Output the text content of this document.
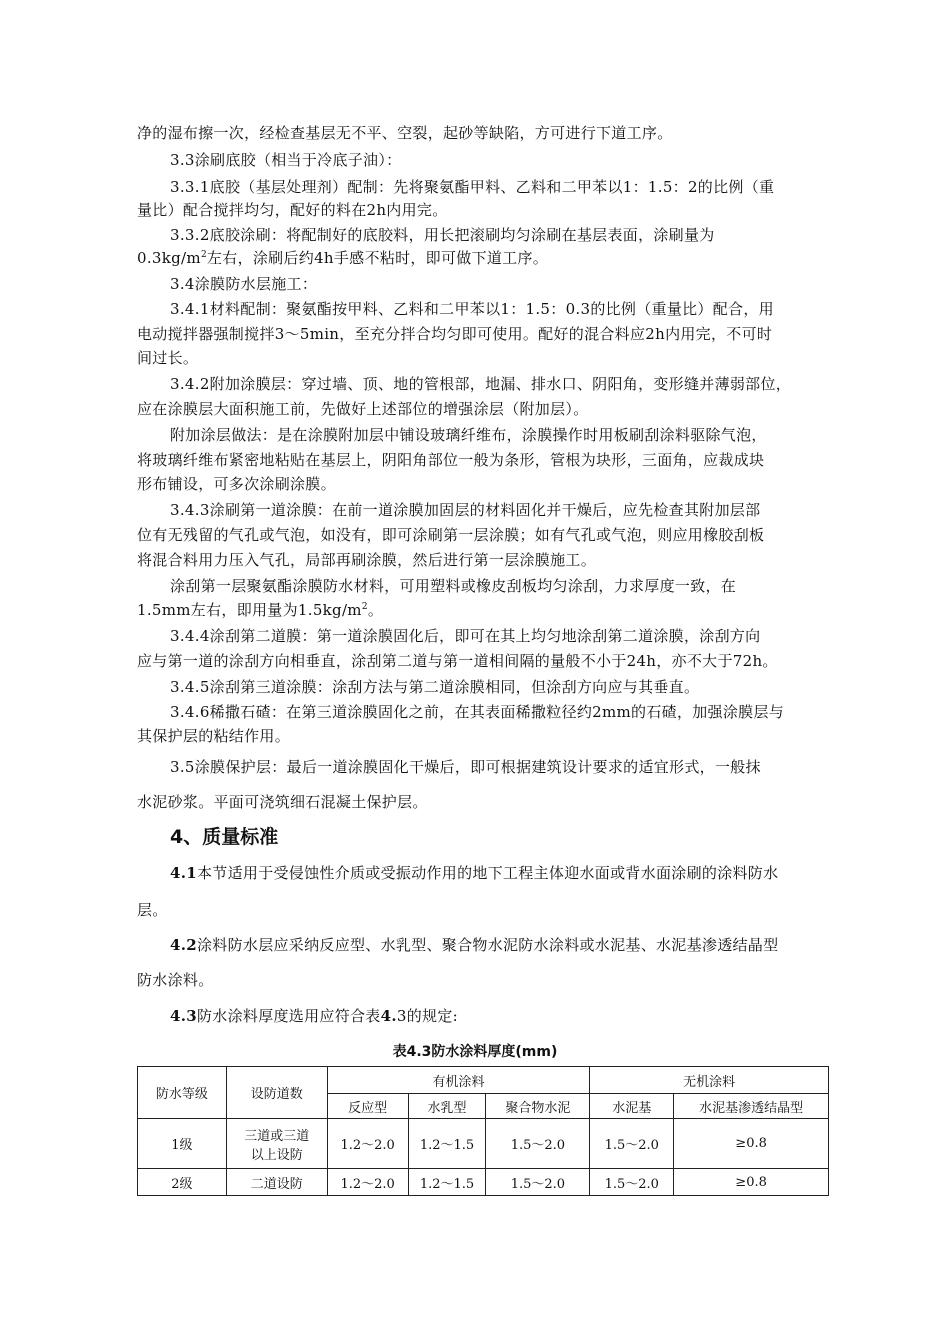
净的湿布擦一次，经检查基层无不平、空裂，起砂等缺陷，方可进行下道工序。
3.3涂刷底胶（相当于冷底子油）：
3.3.1底胶（基层处理剂）配制：先将聚氨酯甲料、乙料和二甲苯以1：1.5：2的比例（重
量比）配合搅拌均匀，配好的料在2h内用完。
3.3.2底胶涂刷：将配制好的底胶料，用长把滚刷均匀涂刷在基层表面，涂刷量为
$0.3kg/m^2$左右，涂刷后约4h手感不粘时，即可做下道工序。
3.4涂膜防水层施工：
3.4.1材料配制：聚氨酯按甲料、乙料和二甲苯以1：1.5：0.3的比例（重量比）配合，用
电动搅拌器强制搅拌3～5min，至充分拌合均匀即可使用。配好的混合料应2h内用完，不可时
间过长。
3.4.2附加涂膜层：穿过墙、顶、地的管根部，地漏、排水口、阴阳角，变形缝并薄弱部位，
应在涂膜层大面积施工前，先做好上述部位的增强涂层（附加层）。
附加涂层做法：是在涂膜附加层中铺设玻璃纤维布，涂膜操作时用板刷刮涂料驱除气泡，
将玻璃纤维布紧密地粘贴在基层上，阴阳角部位一般为条形，管根为块形，三面角，应裁成块
形布铺设，可多次涂刷涂膜。
3.4.3涂刷第一道涂膜：在前一道涂膜加固层的材料固化并干燥后，应先检查其附加层部
位有无残留的气孔或气泡，如没有，即可涂刷第一层涂膜；如有气孔或气泡，则应用橡胶刮板
将混合料用力压入气孔，局部再刷涂膜，然后进行第一层涂膜施工。
涂刮第一层聚氨酯涂膜防水材料，可用塑料或橡皮刮板均匀涂刮，力求厚度一致，在
1.5mm左右，即用量为$1.5kg/m^2$。
3.4.4涂刮第二道膜：第一道涂膜固化后，即可在其上均匀地涂刮第二道涂膜，涂刮方向
应与第一道的涂刮方向相垂直，涂刮第二道与第一道相间隔的量般不小于24h，亦不大于72h。
3.4.5涂刮第三道涂膜：涂刮方法与第二道涂膜相同，但涂刮方向应与其垂直。
3.4.6稀撒石碴：在第三道涂膜固化之前，在其表面稀撒粒径约2mm的石碴，加强涂膜层与
其保护层的粘结作用。
3.5涂膜保护层：最后一道涂膜固化干燥后，即可根据建筑设计要求的适宜形式，一般抹
水泥砂浆。平面可浇筑细石混凝土保护层。
4、质量标准
4.1本节适用于受侵蚀性介质或受振动作用的地下工程主体迎水面或背水面涂刷的涂料防水
层。
4.2涂料防水层应采纳反应型、水乳型、聚合物水泥防水涂料或水泥基、水泥基渗透结晶型
防水涂料。
4.3防水涂料厚度选用应符合表4.3的规定:
表4.3防水涂料厚度(mm)
防水等级	设防道数	有机涂料			无机涂料	
		反应型	水乳型	聚合物水泥	水泥基	水泥基渗透结晶型
1级	三道或三道
以上设防	1.2～2.0	1.2～1.5	1.5～2.0	1.5～2.0	≥0.8
2级	二道设防	1.2～2.0	1.2～1.5	1.5～2.0	1.5～2.0	≥0.8
